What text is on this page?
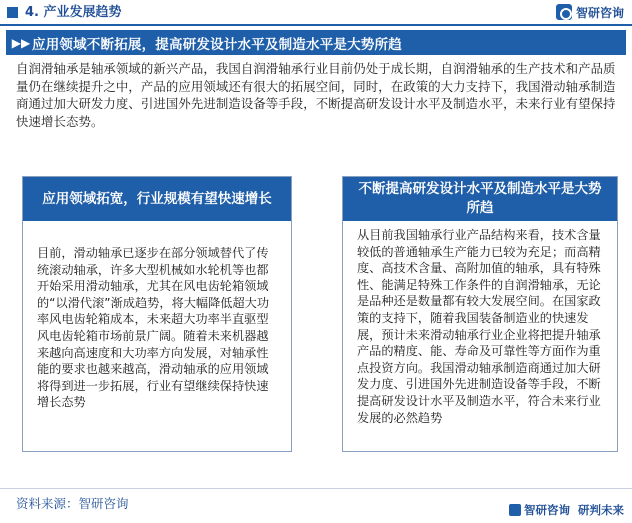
4. 产业发展趋势	智研咨询
▶▶ 应用领域不断拓展，提高研发设计水平及制造水平是大势所趋

自润滑轴承是轴承领域的新兴产品，我国自润滑轴承行业目前仍处于成长期，自润滑轴承的生产技术和产品质量仍在继续提升之中，产品的应用领域还有很大的拓展空间，同时，在政策的大力支持下，我国滑动轴承制造商通过加大研发力度、引进国外先进制造设备等手段，不断提高研发设计水平及制造水平，未来行业有望保持快速增长态势。

应用领域拓宽，行业规模有望快速增长
目前，滑动轴承已逐步在部分领域替代了传统滚动轴承，许多大型机械如水轮机等也都开始采用滑动轴承，尤其在风电齿轮箱领域的“以滑代滚”渐成趋势，将大幅降低超大功率风电齿轮箱成本，未来超大功率半直驱型风电齿轮箱市场前景广阔。随着未来机器越来越向高速度和大功率方向发展，对轴承性能的要求也越来越高，滑动轴承的应用领域将得到进一步拓展，行业有望继续保持快速增长态势
不断提高研发设计水平及制造水平是大势所趋
从目前我国轴承行业产品结构来看，技术含量较低的普通轴承生产能力已较为充足；而高精度、高技术含量、高附加值的轴承，具有特殊性、能满足特殊工作条件的自润滑轴承，无论是品种还是数量都有较大发展空间。在国家政策的支持下，随着我国装备制造业的快速发展，预计未来滑动轴承行业企业将把提升轴承产品的精度、能、寿命及可靠性等方面作为重点投资方向。我国滑动轴承制造商通过加大研发力度、引进国外先进制造设备等手段，不断提高研发设计水平及制造水平，符合未来行业发展的必然趋势
资料来源：智研咨询	智研咨询 研判未来
